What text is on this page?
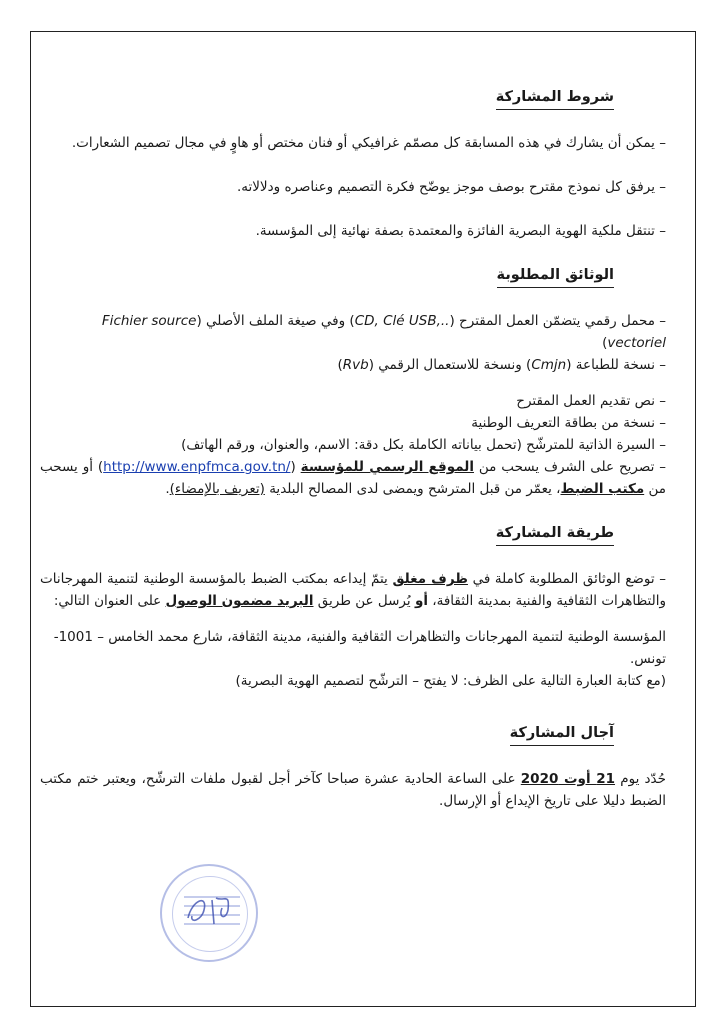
شروط المشاركة
– يمكن أن يشارك في هذه المسابقة كل مصمّم غرافيكي أو فنان مختص أو هاوٍ في مجال تصميم الشعارات.
– يرفق كل نموذج مقترح بوصف موجز يوضّح فكرة التصميم وعناصره ودلالاته.
– تنتقل ملكية الهوية البصرية الفائزة والمعتمدة بصفة نهائية إلى المؤسسة.
الوثائق المطلوبة
– محمل رقمي يتضمّن العمل المقترح (CD, Clé USB,..) وفي صيغة الملف الأصلي (Fichier source vectoriel)
– نسخة للطباعة (Cmjn) ونسخة للاستعمال الرقمي (Rvb)
– نص تقديم العمل المقترح
– نسخة من بطاقة التعريف الوطنية
– السيرة الذاتية للمترشّح (تحمل بياناته الكاملة بكل دقة: الاسم، والعنوان، ورقم الهاتف)
– تصريح على الشرف يسحب من الموقع الرسمي للمؤسسة (http://www.enpfmca.gov.tn/) أو يسحب من مكتب الضبط، يعمّر من قبل المترشح ويمضى لدى المصالح البلدية (تعريف بالإمضاء).
طريقة المشاركة
– توضع الوثائق المطلوبة كاملة في ظرف مغلق يتمّ إيداعه بمكتب الضبط بالمؤسسة الوطنية لتنمية المهرجانات والتظاهرات الثقافية والفنية بمدينة الثقافة، أو يُرسل عن طريق البريد مضمون الوصول على العنوان التالي:
المؤسسة الوطنية لتنمية المهرجانات والتظاهرات الثقافية والفنية، مدينة الثقافة، شارع محمد الخامس – 1001- تونس.
(مع كتابة العبارة التالية على الظرف: لا يفتح – الترشّح لتصميم الهوية البصرية)
آجال المشاركة
حُدّد يوم 21 أوت 2020 على الساعة الحادية عشرة صباحا كآخر أجل لقبول ملفات الترشّح، ويعتبر ختم مكتب الضبط دليلا على تاريخ الإيداع أو الإرسال.
